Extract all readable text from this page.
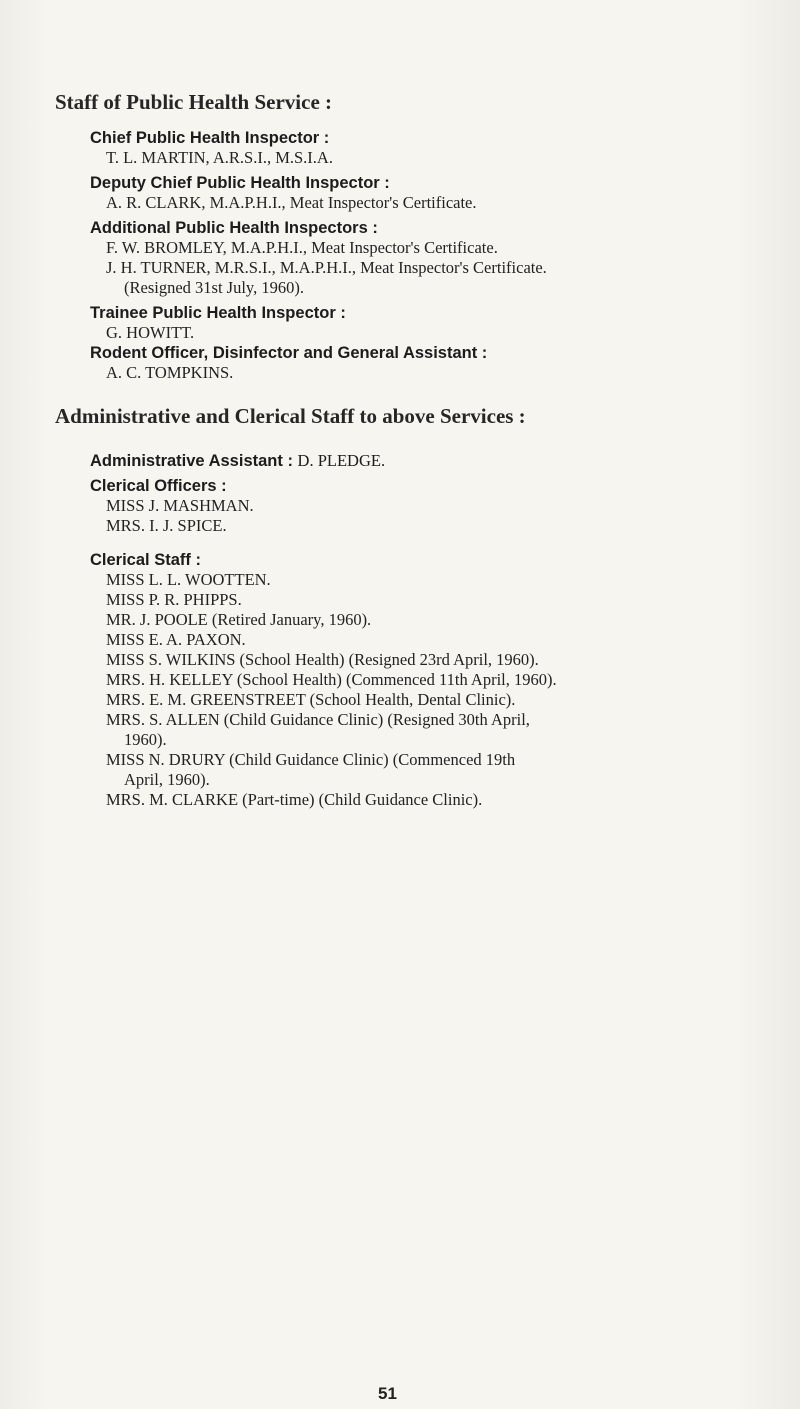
Staff of Public Health Service :
Chief Public Health Inspector :
T. L. MARTIN, A.R.S.I., M.S.I.A.
Deputy Chief Public Health Inspector :
A. R. CLARK, M.A.P.H.I., Meat Inspector's Certificate.
Additional Public Health Inspectors :
F. W. BROMLEY, M.A.P.H.I., Meat Inspector's Certificate.
J. H. TURNER, M.R.S.I., M.A.P.H.I., Meat Inspector's Certificate.
(Resigned 31st July, 1960).
Trainee Public Health Inspector :
G. HOWITT.
Rodent Officer, Disinfector and General Assistant :
A. C. TOMPKINS.
Administrative and Clerical Staff to above Services :
Administrative Assistant : D. PLEDGE.
Clerical Officers :
MISS J. MASHMAN.
MRS. I. J. SPICE.
Clerical Staff :
MISS L. L. WOOTTEN.
MISS P. R. PHIPPS.
MR. J. POOLE (Retired January, 1960).
MISS E. A. PAXON.
MISS S. WILKINS (School Health) (Resigned 23rd April, 1960).
MRS. H. KELLEY (School Health) (Commenced 11th April, 1960).
MRS. E. M. GREENSTREET (School Health, Dental Clinic).
MRS. S. ALLEN (Child Guidance Clinic) (Resigned 30th April,
1960).
MISS N. DRURY (Child Guidance Clinic) (Commenced 19th
April, 1960).
MRS. M. CLARKE (Part-time) (Child Guidance Clinic).
51
